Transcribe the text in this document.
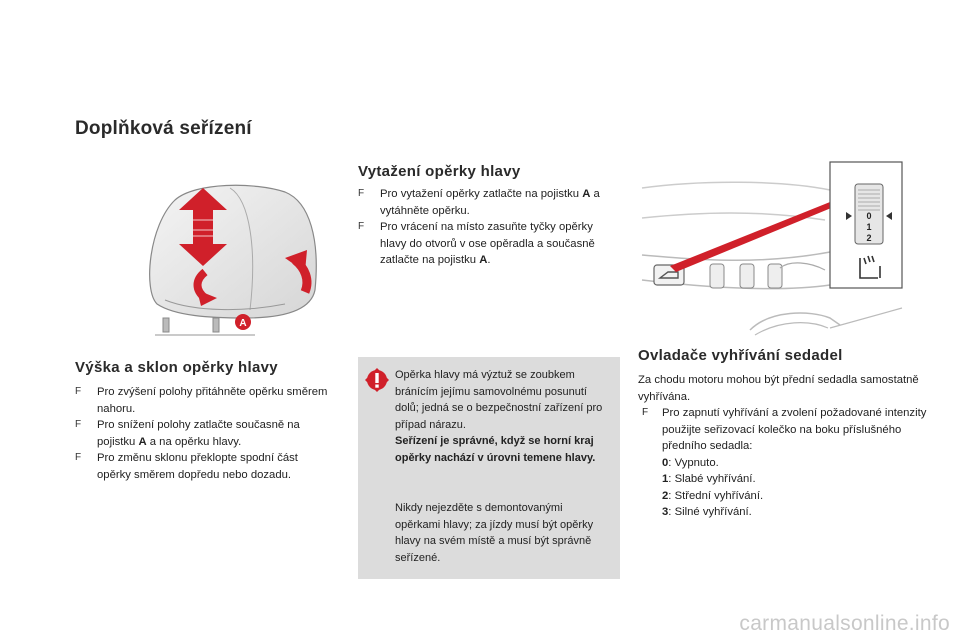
Doplňková seřízení
A
Výška a sklon opěrky hlavy
F Pro zvýšení polohy přitáhněte opěrku směrem nahoru.
F Pro snížení polohy zatlačte současně na pojistku A a na opěrku hlavy.
F Pro změnu sklonu překlopte spodní část opěrky směrem dopředu nebo dozadu.
Vytažení opěrky hlavy
F Pro vytažení opěrky zatlačte na pojistku A a vytáhněte opěrku.
F Pro vrácení na místo zasuňte tyčky opěrky hlavy do otvorů v ose opěradla a současně zatlačte na pojistku A.

Opěrka hlavy má výztuž se zoubkem bránícím jejímu samovolnému posunutí dolů; jedná se o bezpečnostní zařízení pro případ nárazu.

Seřízení je správné, když se horní kraj opěrky nachází v úrovni temene hlavy.

Nikdy nejezděte s demontovanými opěrkami hlavy; za jízdy musí být opěrky hlavy na svém místě a musí být správně seřízené.

0
1
2
Ovladače vyhřívání sedadel

Za chodu motoru mohou být přední sedadla samostatně vyhřívána.

F Pro zapnutí vyhřívání a zvolení požadované intenzity použijte seřizovací kolečko na boku příslušného předního sedadla:

0: Vypnuto.

1: Slabé vyhřívání.

2: Střední vyhřívání.

3: Silné vyhřívání.

carmanualsonline.info
